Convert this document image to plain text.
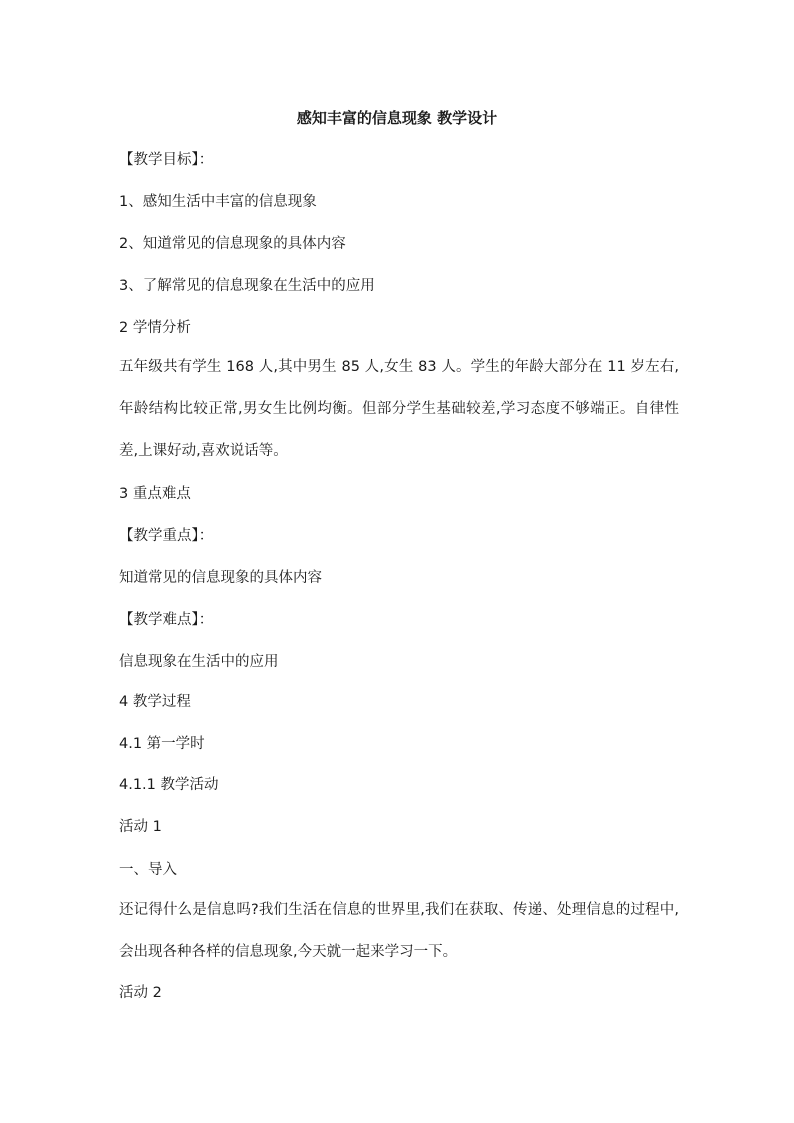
感知丰富的信息现象 教学设计
【教学目标】：
1、感知生活中丰富的信息现象
2、知道常见的信息现象的具体内容
3、了解常见的信息现象在生活中的应用
2 学情分析
五年级共有学生 168 人,其中男生 85 人,女生 83 人。学生的年龄大部分在 11 岁左右,年龄结构比较正常,男女生比例均衡。但部分学生基础较差,学习态度不够端正。自律性差,上课好动,喜欢说话等。
3 重点难点
【教学重点】：
知道常见的信息现象的具体内容
【教学难点】：
信息现象在生活中的应用
4 教学过程
4.1 第一学时
4.1.1 教学活动
活动 1
一、导入
还记得什么是信息吗?我们生活在信息的世界里,我们在获取、传递、处理信息的过程中,会出现各种各样的信息现象,今天就一起来学习一下。
活动 2
